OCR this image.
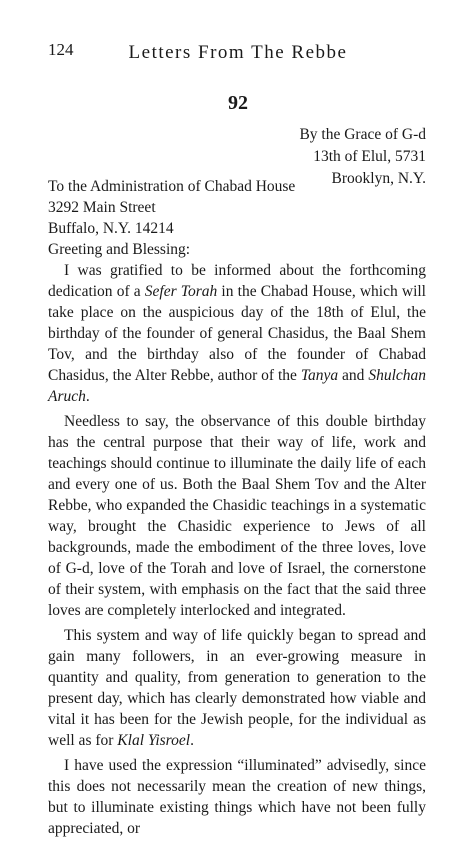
124	Letters From The Rebbe
92
By the Grace of G-d
13th of Elul, 5731
Brooklyn, N.Y.
To the Administration of Chabad House
3292 Main Street
Buffalo, N.Y. 14214
Greeting and Blessing:

I was gratified to be informed about the forthcoming dedication of a Sefer Torah in the Chabad House, which will take place on the auspicious day of the 18th of Elul, the birthday of the founder of general Chasidus, the Baal Shem Tov, and the birthday also of the founder of Chabad Chasidus, the Alter Rebbe, author of the Tanya and Shulchan Aruch.

Needless to say, the observance of this double birthday has the central purpose that their way of life, work and teachings should continue to illuminate the daily life of each and every one of us. Both the Baal Shem Tov and the Alter Rebbe, who expanded the Chasidic teachings in a systematic way, brought the Chasidic experience to Jews of all backgrounds, made the embodiment of the three loves, love of G-d, love of the Torah and love of Israel, the cornerstone of their system, with emphasis on the fact that the said three loves are completely interlocked and integrated.

This system and way of life quickly began to spread and gain many followers, in an ever-growing measure in quantity and quality, from generation to generation to the present day, which has clearly demonstrated how viable and vital it has been for the Jewish people, for the individual as well as for Klal Yisroel.

I have used the expression “illuminated” advisedly, since this does not necessarily mean the creation of new things, but to illuminate existing things which have not been fully appreciated, or
